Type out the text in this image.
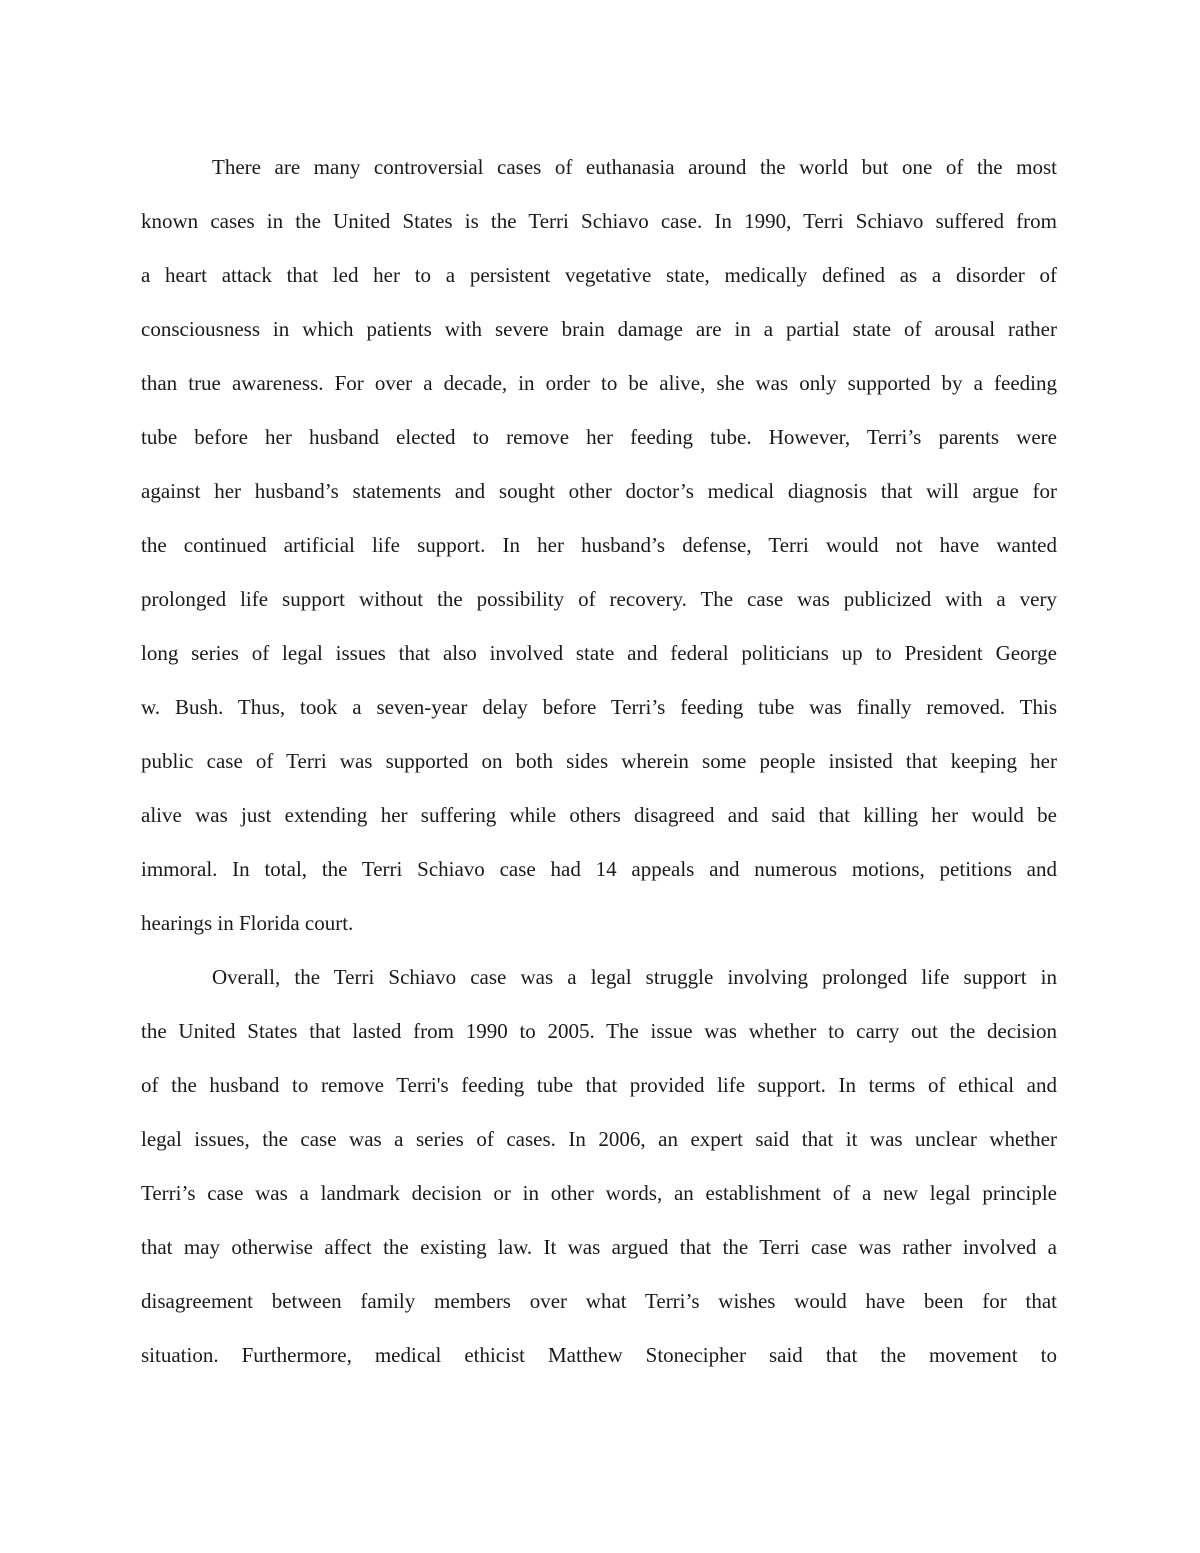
There are many controversial cases of euthanasia around the world but one of the most
known cases in the United States is the Terri Schiavo case. In 1990, Terri Schiavo suffered from
a heart attack that led her to a persistent vegetative state, medically defined as a disorder of
consciousness in which patients with severe brain damage are in a partial state of arousal rather
than true awareness. For over a decade, in order to be alive, she was only supported by a feeding
tube before her husband elected to remove her feeding tube. However, Terri’s parents were
against her husband’s statements and sought other doctor’s medical diagnosis that will argue for
the continued artificial life support. In her husband’s defense, Terri would not have wanted
prolonged life support without the possibility of recovery. The case was publicized with a very
long series of legal issues that also involved state and federal politicians up to President George
w. Bush. Thus, took a seven-year delay before Terri’s feeding tube was finally removed. This
public case of Terri was supported on both sides wherein some people insisted that keeping her
alive was just extending her suffering while others disagreed and said that killing her would be
immoral. In total, the Terri Schiavo case had 14 appeals and numerous motions, petitions and
hearings in Florida court.
Overall, the Terri Schiavo case was a legal struggle involving prolonged life support in
the United States that lasted from 1990 to 2005. The issue was whether to carry out the decision
of the husband to remove Terri's feeding tube that provided life support. In terms of ethical and
legal issues, the case was a series of cases. In 2006, an expert said that it was unclear whether
Terri’s case was a landmark decision or in other words, an establishment of a new legal principle
that may otherwise affect the existing law. It was argued that the Terri case was rather involved a
disagreement between family members over what Terri’s wishes would have been for that
situation. Furthermore, medical ethicist Matthew Stonecipher said that the movement to
